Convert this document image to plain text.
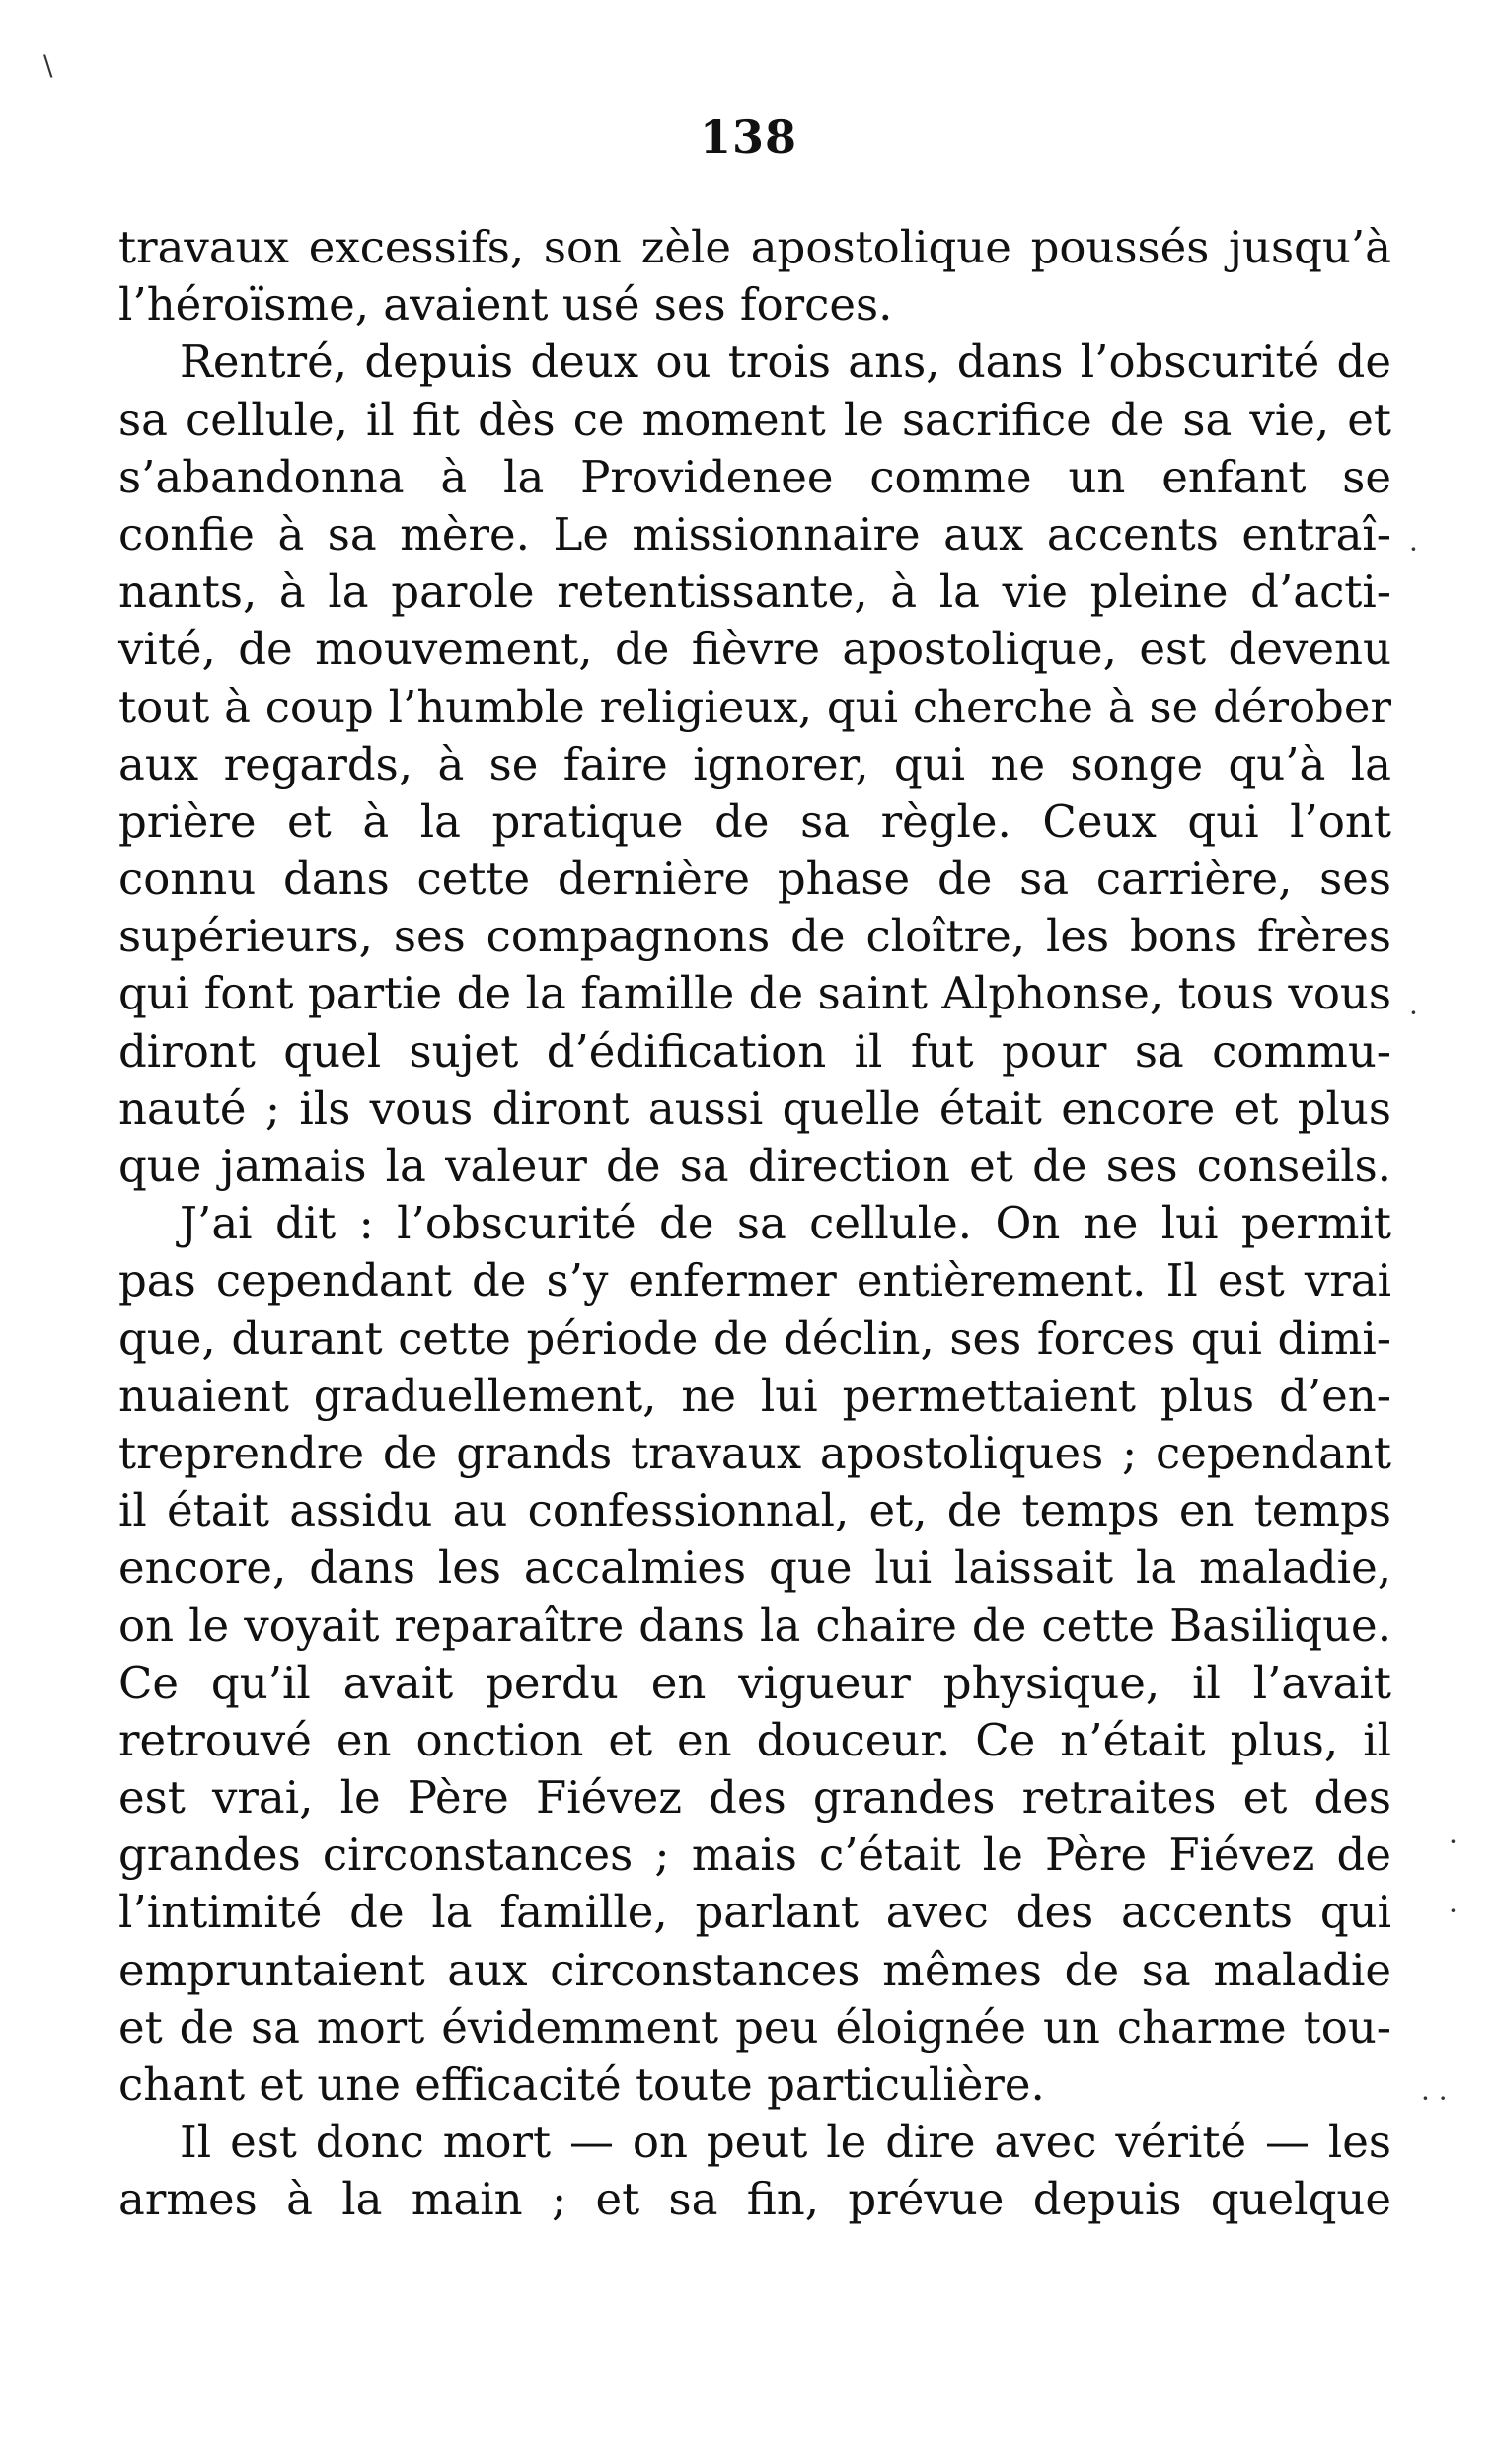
138
\
·
·
·
·
· ·
travaux excessifs, son zèle apostolique poussés jusqu’à
l’héroïsme, avaient usé ses forces.
Rentré, depuis deux ou trois ans, dans l’obscurité de
sa cellule, il fit dès ce moment le sacrifice de sa vie, et
s’abandonna à la Providenee comme un enfant se
confie à sa mère. Le missionnaire aux accents entraî-
nants, à la parole retentissante, à la vie pleine d’acti-
vité, de mouvement, de fièvre apostolique, est devenu
tout à coup l’humble religieux, qui cherche à se dérober
aux regards, à se faire ignorer, qui ne songe qu’à la
prière et à la pratique de sa règle. Ceux qui l’ont
connu dans cette dernière phase de sa carrière, ses
supérieurs, ses compagnons de cloître, les bons frères
qui font partie de la famille de saint Alphonse, tous vous
diront quel sujet d’édification il fut pour sa commu-
nauté ; ils vous diront aussi quelle était encore et plus
que jamais la valeur de sa direction et de ses conseils.
J’ai dit : l’obscurité de sa cellule. On ne lui permit
pas cependant de s’y enfermer entièrement. Il est vrai
que, durant cette période de déclin, ses forces qui dimi-
nuaient graduellement, ne lui permettaient plus d’en-
treprendre de grands travaux apostoliques ; cependant
il était assidu au confessionnal, et, de temps en temps
encore, dans les accalmies que lui laissait la maladie,
on le voyait reparaître dans la chaire de cette Basilique.
Ce qu’il avait perdu en vigueur physique, il l’avait
retrouvé en onction et en douceur. Ce n’était plus, il
est vrai, le Père Fiévez des grandes retraites et des
grandes circonstances ; mais c’était le Père Fiévez de
l’intimité de la famille, parlant avec des accents qui
empruntaient aux circonstances mêmes de sa maladie
et de sa mort évidemment peu éloignée un charme tou-
chant et une efficacité toute particulière.
Il est donc mort — on peut le dire avec vérité — les
armes à la main ; et sa fin, prévue depuis quelque
